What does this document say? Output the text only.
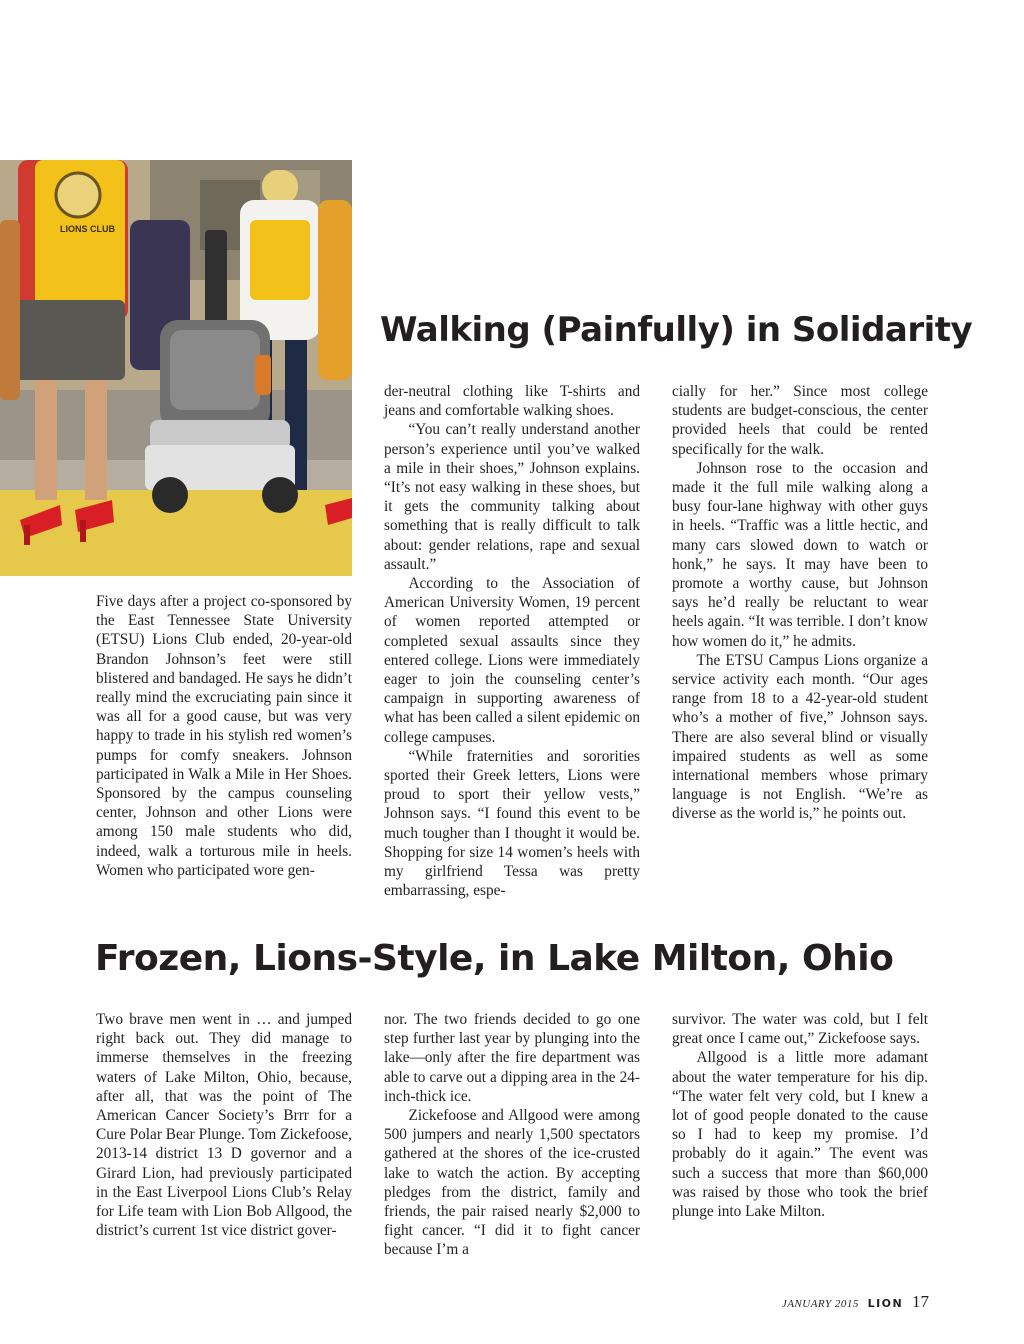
LIONS CLUB
Walking (Painfully) in Solidarity

Five days after a project co-sponsored by the East Tennessee State University (ETSU) Lions Club ended, 20-year-old Brandon Johnson’s feet were still blistered and bandaged. He says he didn’t really mind the excruciating pain since it was all for a good cause, but was very happy to trade in his stylish red women’s pumps for comfy sneakers. Johnson participated in Walk a Mile in Her Shoes. Sponsored by the campus counseling center, Johnson and other Lions were among 150 male students who did, indeed, walk a torturous mile in heels. Women who participated wore gen-

der-neutral clothing like T-shirts and jeans and comfortable walking shoes.

“You can’t really understand another person’s experience until you’ve walked a mile in their shoes,” Johnson explains. “It’s not easy walking in these shoes, but it gets the community talking about something that is really difficult to talk about: gender relations, rape and sexual assault.”

According to the Association of American University Women, 19 percent of women reported attempted or completed sexual assaults since they entered college. Lions were immediately eager to join the counseling center’s campaign in supporting awareness of what has been called a silent epidemic on college campuses.

“While fraternities and sororities sported their Greek letters, Lions were proud to sport their yellow vests,” Johnson says. “I found this event to be much tougher than I thought it would be. Shopping for size 14 women’s heels with my girlfriend Tessa was pretty embarrassing, espe-

cially for her.” Since most college students are budget-conscious, the center provided heels that could be rented specifically for the walk.

Johnson rose to the occasion and made it the full mile walking along a busy four-lane highway with other guys in heels. “Traffic was a little hectic, and many cars slowed down to watch or honk,” he says. It may have been to promote a worthy cause, but Johnson says he’d really be reluctant to wear heels again. “It was terrible. I don’t know how women do it,” he admits.

The ETSU Campus Lions organize a service activity each month. “Our ages range from 18 to a 42-year-old student who’s a mother of five,” Johnson says. There are also several blind or visually impaired students as well as some international members whose primary language is not English. “We’re as diverse as the world is,” he points out.

Frozen, Lions-Style, in Lake Milton, Ohio

Two brave men went in … and jumped right back out. They did manage to immerse themselves in the freezing waters of Lake Milton, Ohio, because, after all, that was the point of The American Cancer Society’s Brrr for a Cure Polar Bear Plunge. Tom Zickefoose, 2013-14 district 13 D governor and a Girard Lion, had previously participated in the East Liverpool Lions Club’s Relay for Life team with Lion Bob Allgood, the district’s current 1st vice district gover-

nor. The two friends decided to go one step further last year by plunging into the lake—only after the fire department was able to carve out a dipping area in the 24-inch-thick ice.

Zickefoose and Allgood were among 500 jumpers and nearly 1,500 spectators gathered at the shores of the ice-crusted lake to watch the action. By accepting pledges from the district, family and friends, the pair raised nearly $2,000 to fight cancer. “I did it to fight cancer because I’m a

survivor. The water was cold, but I felt great once I came out,” Zickefoose says.

Allgood is a little more adamant about the water temperature for his dip. “The water felt very cold, but I knew a lot of good people donated to the cause so I had to keep my promise. I’d probably do it again.” The event was such a success that more than $60,000 was raised by those who took the brief plunge into Lake Milton.

JANUARY 2015 LION 17
